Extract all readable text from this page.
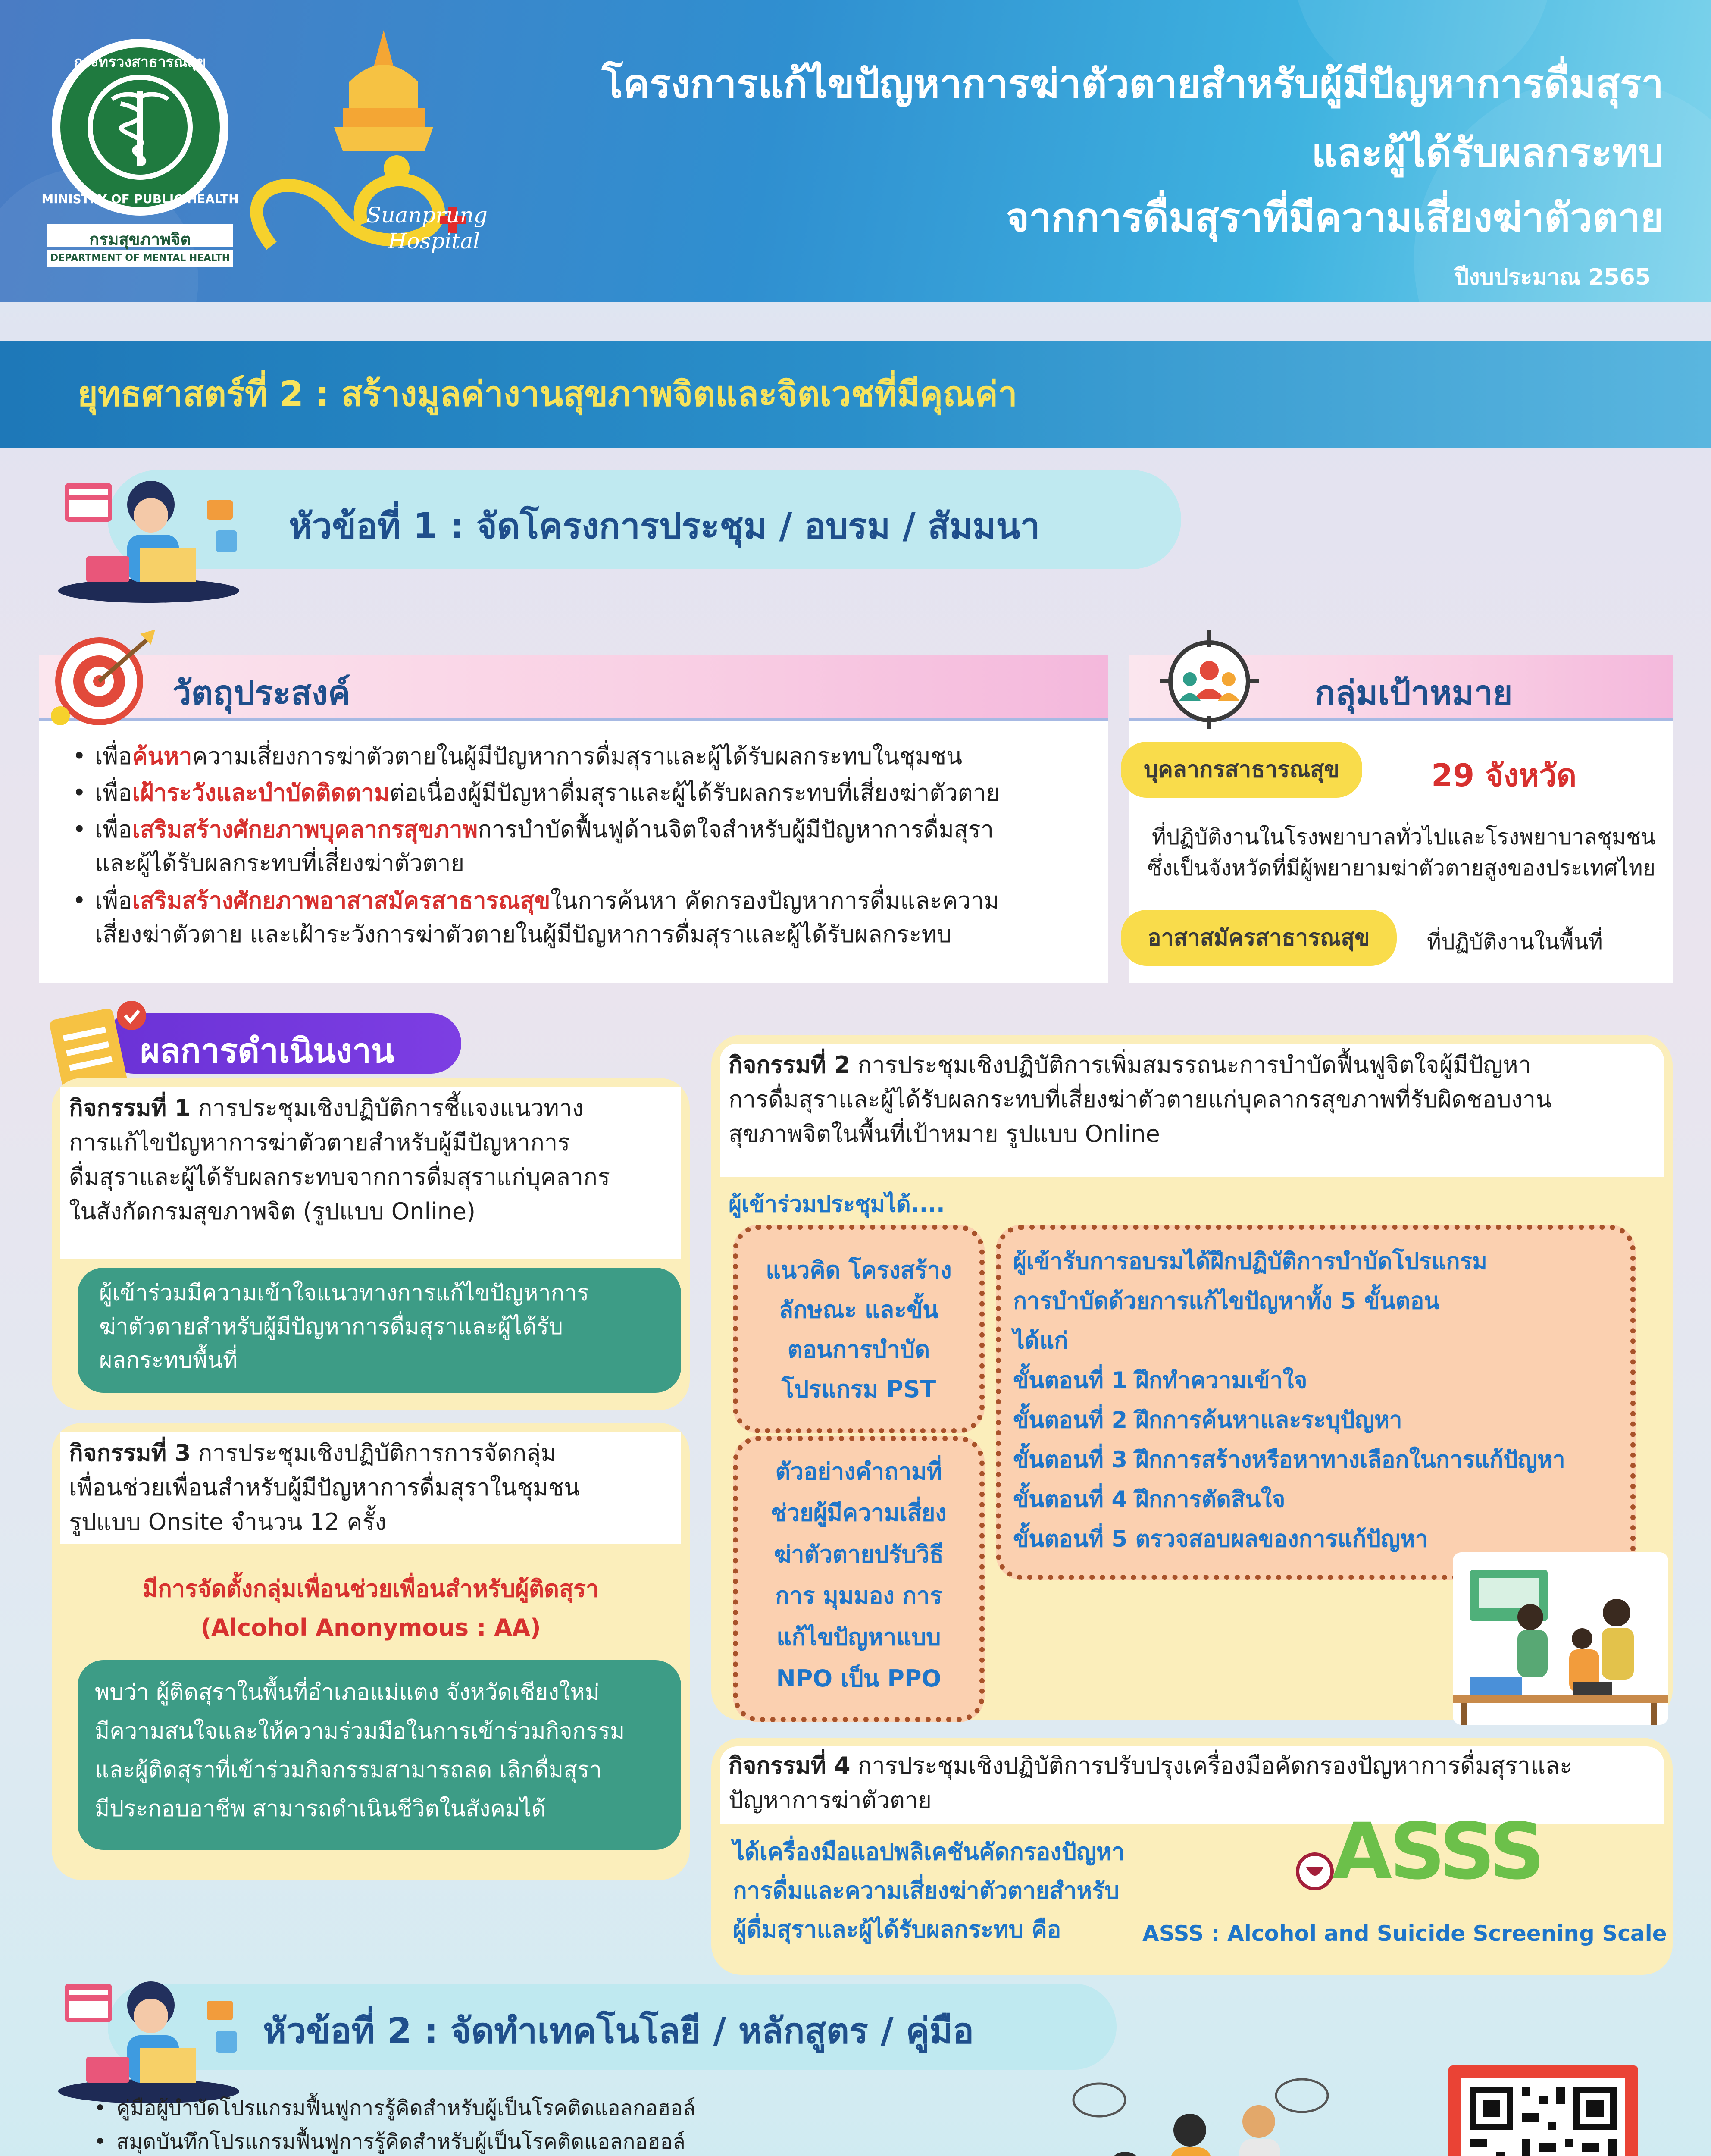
กระทรวงสาธารณสุข
MINISTRY OF PUBLIC HEALTH
กรมสุขภาพจิต
DEPARTMENT OF MENTAL HEALTH
Suanprung
Hospital
โครงการแก้ไขปัญหาการฆ่าตัวตายสำหรับผู้มีปัญหาการดื่มสุรา
และผู้ได้รับผลกระทบ
จากการดื่มสุราที่มีความเสี่ยงฆ่าตัวตาย
ปีงบประมาณ 2565
ยุทธศาสตร์ที่ 2 : สร้างมูลค่างานสุขภาพจิตและจิตเวชที่มีคุณค่า
หัวข้อที่ 1 : จัดโครงการประชุม / อบรม / สัมมนา
วัตถุประสงค์
เพื่อค้นหาความเสี่ยงการฆ่าตัวตายในผู้มีปัญหาการดื่มสุราและผู้ได้รับผลกระทบในชุมชน
เพื่อเฝ้าระวังและบำบัดติดตามต่อเนื่องผู้มีปัญหาดื่มสุราและผู้ได้รับผลกระทบที่เสี่ยงฆ่าตัวตาย
เพื่อเสริมสร้างศักยภาพบุคลากรสุขภาพการบำบัดฟื้นฟูด้านจิตใจสำหรับผู้มีปัญหาการดื่มสุรา
และผู้ได้รับผลกระทบที่เสี่ยงฆ่าตัวตาย
เพื่อเสริมสร้างศักยภาพอาสาสมัครสาธารณสุขในการค้นหา คัดกรองปัญหาการดื่มและความ
เสี่ยงฆ่าตัวตาย และเฝ้าระวังการฆ่าตัวตายในผู้มีปัญหาการดื่มสุราและผู้ได้รับผลกระทบ
กลุ่มเป้าหมาย
บุคลากรสาธารณสุข	29 จังหวัด
ที่ปฏิบัติงานในโรงพยาบาลทั่วไปและโรงพยาบาลชุมชน
ซึ่งเป็นจังหวัดที่มีผู้พยายามฆ่าตัวตายสูงของประเทศไทย
อาสาสมัครสาธารณสุข	ที่ปฏิบัติงานในพื้นที่
ผลการดำเนินงาน
กิจกรรมที่ 1 การประชุมเชิงปฏิบัติการชี้แจงแนวทาง
การแก้ไขปัญหาการฆ่าตัวตายสำหรับผู้มีปัญหาการ
ดื่มสุราและผู้ได้รับผลกระทบจากการดื่มสุราแก่บุคลากร
ในสังกัดกรมสุขภาพจิต (รูปแบบ Online)
ผู้เข้าร่วมมีความเข้าใจแนวทางการแก้ไขปัญหาการ
ฆ่าตัวตายสำหรับผู้มีปัญหาการดื่มสุราและผู้ได้รับ
ผลกระทบพื้นที่
กิจกรรมที่ 3 การประชุมเชิงปฏิบัติการการจัดกลุ่ม
เพื่อนช่วยเพื่อนสำหรับผู้มีปัญหาการดื่มสุราในชุมชน
รูปแบบ Onsite จำนวน 12 ครั้ง
มีการจัดตั้งกลุ่มเพื่อนช่วยเพื่อนสำหรับผู้ติดสุรา
(Alcohol Anonymous : AA)
พบว่า ผู้ติดสุราในพื้นที่อำเภอแม่แตง จังหวัดเชียงใหม่
มีความสนใจและให้ความร่วมมือในการเข้าร่วมกิจกรรม
และผู้ติดสุราที่เข้าร่วมกิจกรรมสามารถลด เลิกดื่มสุรา
มีประกอบอาชีพ สามารถดำเนินชีวิตในสังคมได้
กิจกรรมที่ 2 การประชุมเชิงปฏิบัติการเพิ่มสมรรถนะการบำบัดฟื้นฟูจิตใจผู้มีปัญหา
การดื่มสุราและผู้ได้รับผลกระทบที่เสี่ยงฆ่าตัวตายแก่บุคลากรสุขภาพที่รับผิดชอบงาน
สุขภาพจิตในพื้นที่เป้าหมาย รูปแบบ Online
ผู้เข้าร่วมประชุมได้....
แนวคิด โครงสร้าง
ลักษณะ และขั้น
ตอนการบำบัด
โปรแกรม PST
ตัวอย่างคำถามที่
ช่วยผู้มีความเสี่ยง
ฆ่าตัวตายปรับวิธี
การ มุมมอง การ
แก้ไขปัญหาแบบ
NPO เป็น PPO
ผู้เข้ารับการอบรมได้ฝึกปฏิบัติการบำบัดโปรแกรม
การบำบัดด้วยการแก้ไขปัญหาทั้ง 5 ขั้นตอน
ได้แก่
ขั้นตอนที่ 1 ฝึกทำความเข้าใจ
ขั้นตอนที่ 2 ฝึกการค้นหาและระบุปัญหา
ขั้นตอนที่ 3 ฝึกการสร้างหรือหาทางเลือกในการแก้ปัญหา
ขั้นตอนที่ 4 ฝึกการตัดสินใจ
ขั้นตอนที่ 5 ตรวจสอบผลของการแก้ปัญหา
กิจกรรมที่ 4 การประชุมเชิงปฏิบัติการปรับปรุงเครื่องมือคัดกรองปัญหาการดื่มสุราและ
ปัญหาการฆ่าตัวตาย
ได้เครื่องมือแอปพลิเคชันคัดกรองปัญหา
การดื่มและความเสี่ยงฆ่าตัวตายสำหรับ
ผู้ดื่มสุราและผู้ได้รับผลกระทบ คือ
ASSS
ASSS : Alcohol and Suicide Screening Scale
หัวข้อที่ 2 : จัดทำเทคโนโลยี / หลักสูตร / คู่มือ
คู่มือผู้บำบัดโปรแกรมฟื้นฟูการรู้คิดสำหรับผู้เป็นโรคติดแอลกอฮอล์
สมุดบันทึกโปรแกรมฟื้นฟูการรู้คิดสำหรับผู้เป็นโรคติดแอลกอฮอล์
